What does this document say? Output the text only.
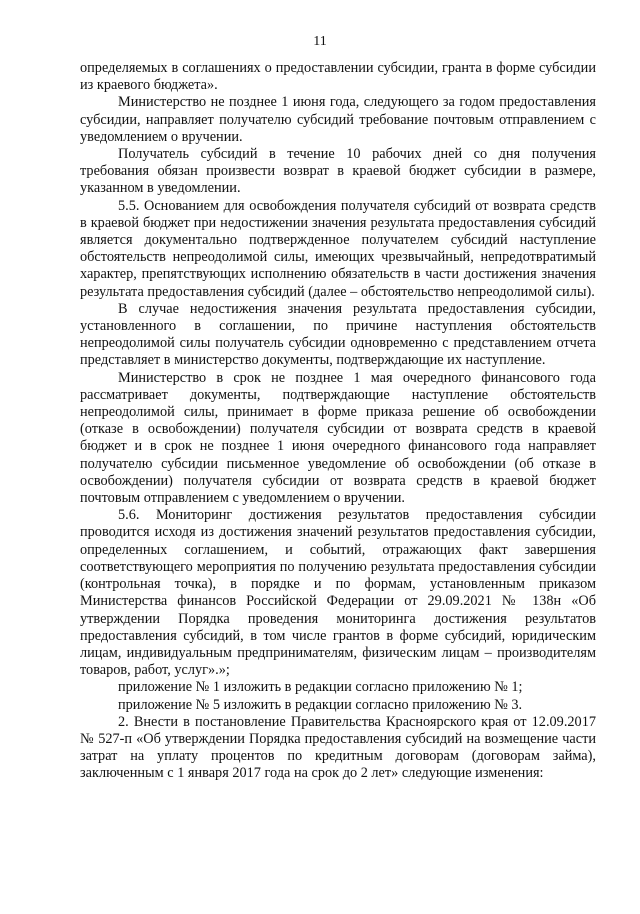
11

определяемых в соглашениях о предоставлении субсидии, гранта в форме субсидии из краевого бюджета».

Министерство не позднее 1 июня года, следующего за годом предоставления субсидии, направляет получателю субсидий требование почтовым отправлением с уведомлением о вручении.

Получатель субсидий в течение 10 рабочих дней со дня получения требования обязан произвести возврат в краевой бюджет субсидии в размере, указанном в уведомлении.

5.5. Основанием для освобождения получателя субсидий от возврата средств в краевой бюджет при недостижении значения результата предоставления субсидий является документально подтвержденное получателем субсидий наступление обстоятельств непреодолимой силы, имеющих чрезвычайный, непредотвратимый характер, препятствующих исполнению обязательств в части достижения значения результата предоставления субсидий (далее – обстоятельство непреодолимой силы).

В случае недостижения значения результата предоставления субсидии, установленного в соглашении, по причине наступления обстоятельств непреодолимой силы получатель субсидии одновременно с представлением отчета представляет в министерство документы, подтверждающие их наступление.

Министерство в срок не позднее 1 мая очередного финансового года рассматривает документы, подтверждающие наступление обстоятельств непреодолимой силы, принимает в форме приказа решение об освобождении (отказе в освобождении) получателя субсидии от возврата средств в краевой бюджет и в срок не позднее 1 июня очередного финансового года направляет получателю субсидии письменное уведомление об освобождении (об отказе в освобождении) получателя субсидии от возврата средств в краевой бюджет почтовым отправлением с уведомлением о вручении.

5.6. Мониторинг достижения результатов предоставления субсидии проводится исходя из достижения значений результатов предоставления субсидии, определенных соглашением, и событий, отражающих факт завершения соответствующего мероприятия по получению результата предоставления субсидии (контрольная точка), в порядке и по формам, установленным приказом Министерства финансов Российской Федерации от 29.09.2021 № 138н «Об утверждении Порядка проведения мониторинга достижения результатов предоставления субсидий, в том числе грантов в форме субсидий, юридическим лицам, индивидуальным предпринимателям, физическим лицам – производителям товаров, работ, услуг».»;

приложение № 1 изложить в редакции согласно приложению № 1;

приложение № 5 изложить в редакции согласно приложению № 3.

2. Внести в постановление Правительства Красноярского края от 12.09.2017 № 527-п «Об утверждении Порядка предоставления субсидий на возмещение части затрат на уплату процентов по кредитным договорам (договорам займа), заключенным с 1 января 2017 года на срок до 2 лет» следующие изменения:
